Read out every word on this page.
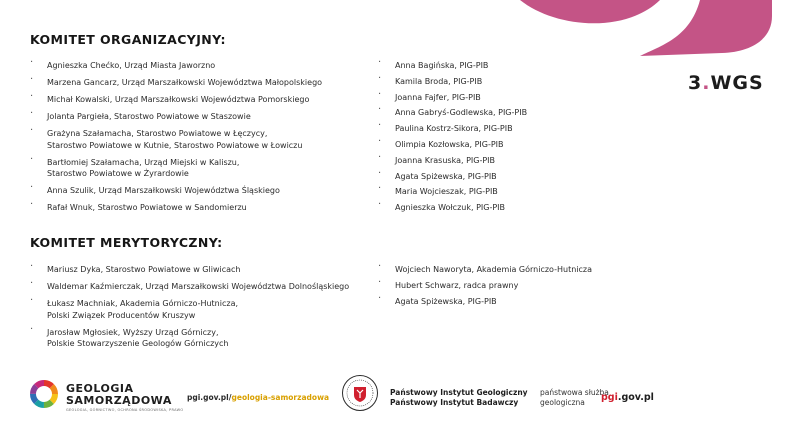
3.WGS
KOMITET ORGANIZACYJNY:
· Agnieszka Chećko, Urząd Miasta Jaworzno
· Marzena Gancarz, Urząd Marszałkowski Województwa Małopolskiego
· Michał Kowalski, Urząd Marszałkowski Województwa Pomorskiego
· Jolanta Pargieła, Starostwo Powiatowe w Staszowie
· Grażyna Szałamacha, Starostwo Powiatowe w Łęczycy,
Starostwo Powiatowe w Kutnie, Starostwo Powiatowe w Łowiczu
· Bartłomiej Szałamacha, Urząd Miejski w Kaliszu,
Starostwo Powiatowe w Żyrardowie
· Anna Szulik, Urząd Marszałkowski Województwa Śląskiego
· Rafał Wnuk, Starostwo Powiatowe w Sandomierzu
· Anna Bagińska, PIG-PIB
· Kamila Broda, PIG-PIB
· Joanna Fajfer, PIG-PIB
· Anna Gabryś-Godlewska, PIG-PIB
· Paulina Kostrz-Sikora, PIG-PIB
· Olimpia Kozłowska, PIG-PIB
· Joanna Krasuska, PIG-PIB
· Agata Spiżewska, PIG-PIB
· Maria Wojcieszak, PIG-PIB
· Agnieszka Wołczuk, PIG-PIB
KOMITET MERYTORYCZNY:
· Mariusz Dyka, Starostwo Powiatowe w Gliwicach
· Waldemar Kaźmierczak, Urząd Marszałkowski Województwa Dolnośląskiego
· Łukasz Machniak, Akademia Górniczo-Hutnicza,
Polski Związek Producentów Kruszyw
· Jarosław Mgłosiek, Wyższy Urząd Górniczy,
Polskie Stowarzyszenie Geologów Górniczych
· Wojciech Naworyta, Akademia Górniczo-Hutnicza
· Hubert Schwarz, radca prawny
· Agata Spiżewska, PIG-PIB
GEOLOGIA
SAMORZĄDOWA
GEOLOGIA, GÓRNICTWO, OCHRONA ŚRODOWISKA, PRAWO
pgi.gov.pl/geologia-samorzadowa
Państwowy Instytut Geologiczny
Państwowy Instytut Badawczy
państwowa służba
geologiczna	pgi.gov.pl
